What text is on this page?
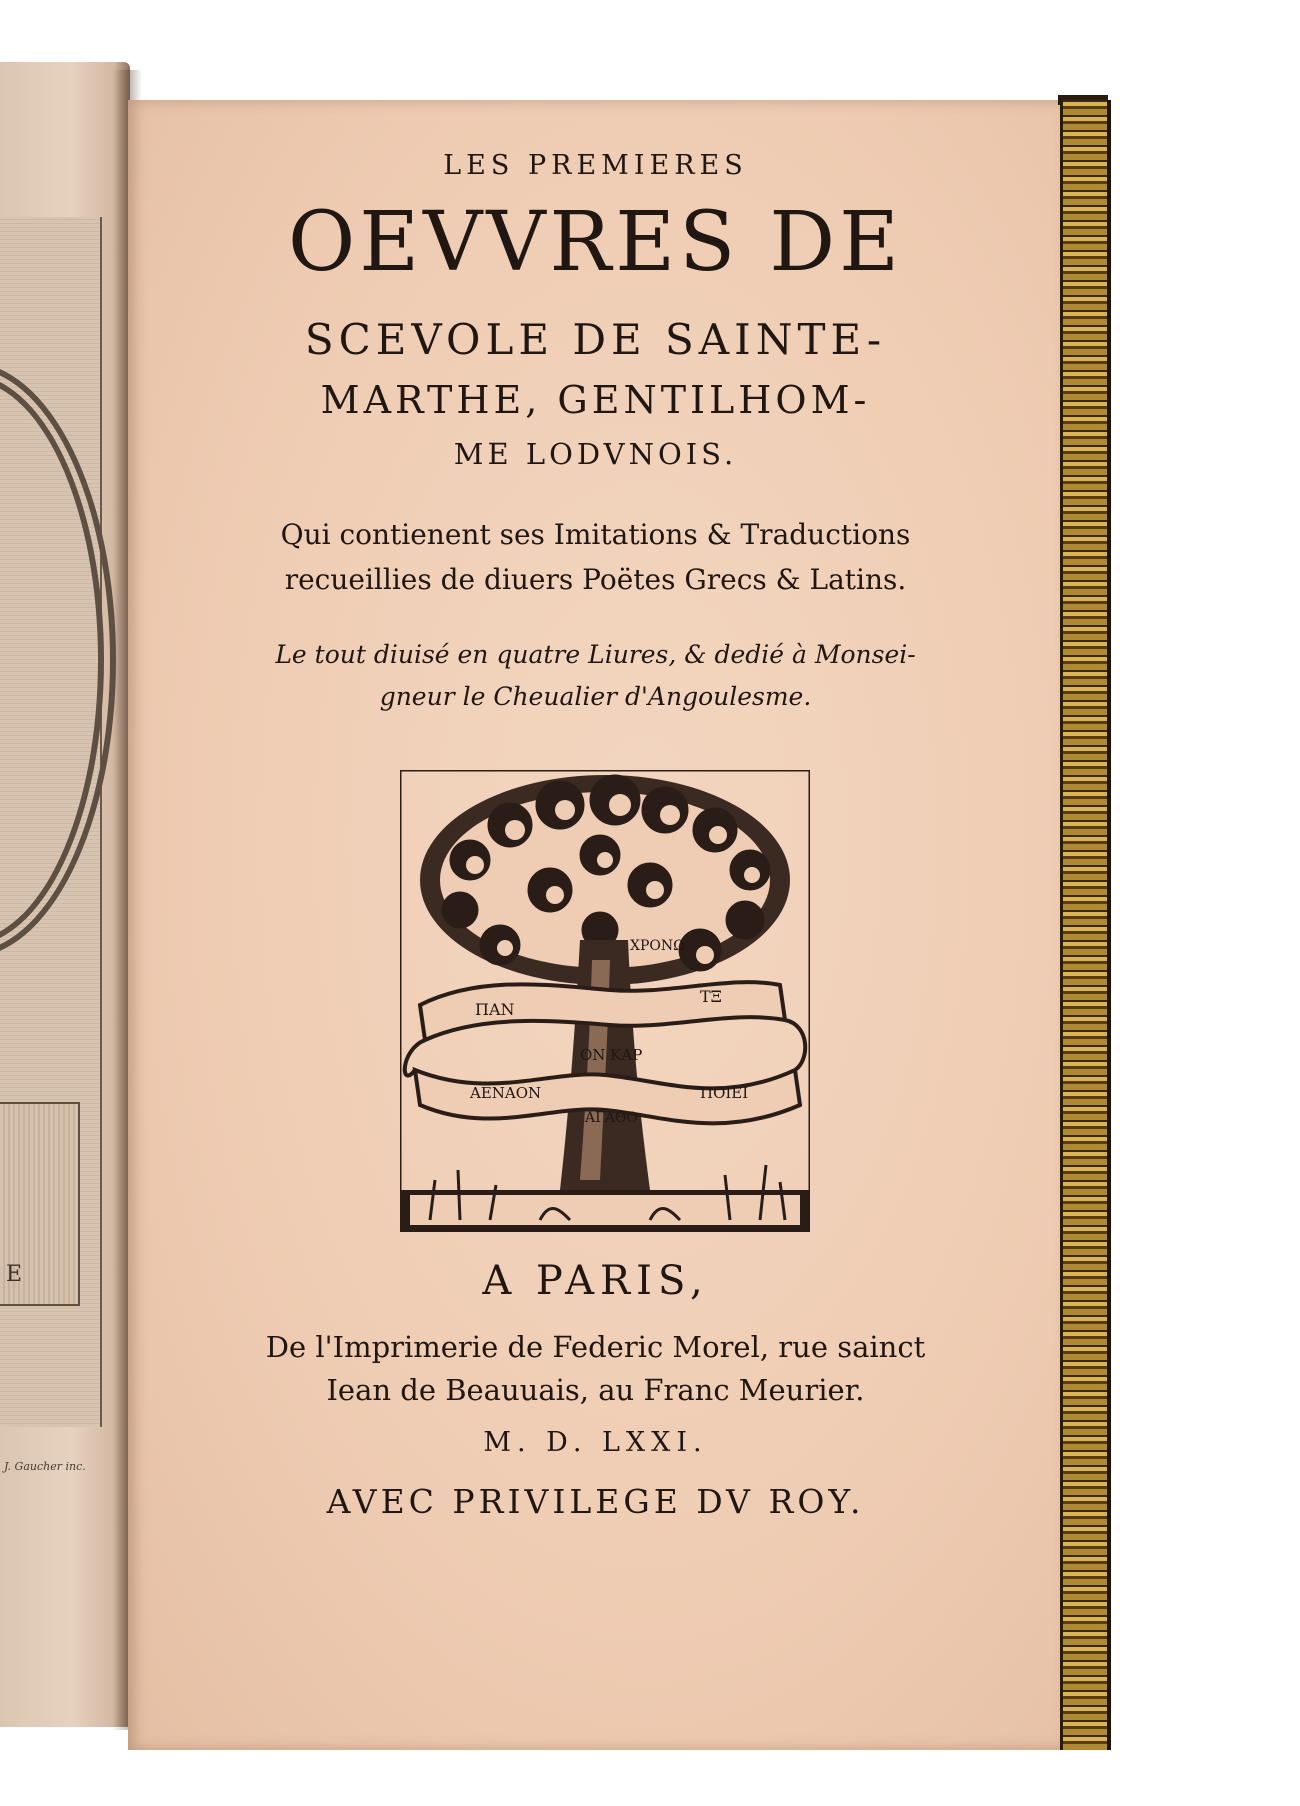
E
J. Gaucher inc.
LES PREMIERES
OEVVRES DE
SCEVOLE DE SAINTE-
MARTHE, GENTILHOM-
ME LODVNOIS.
Qui contienent ses Imitations & Traductions
recueillies de diuers Poëtes Grecs & Latins.
Le tout diuisé en quatre Liures, & dedié à Monsei-
gneur le Cheualier d'Angoulesme.
ΠΑΝ
ΤΞ
ΧΡΟΝΩ
ΟΝ ΚΑΡ
ΑΕΝΑΟΝ	ΠΟΙΕΙ
ΑΓΑΘΟ
A PARIS,
De l'Imprimerie de Federic Morel, rue sainct
Iean de Beauuais, au Franc Meurier.
M. D. LXXI.
AVEC PRIVILEGE DV ROY.
